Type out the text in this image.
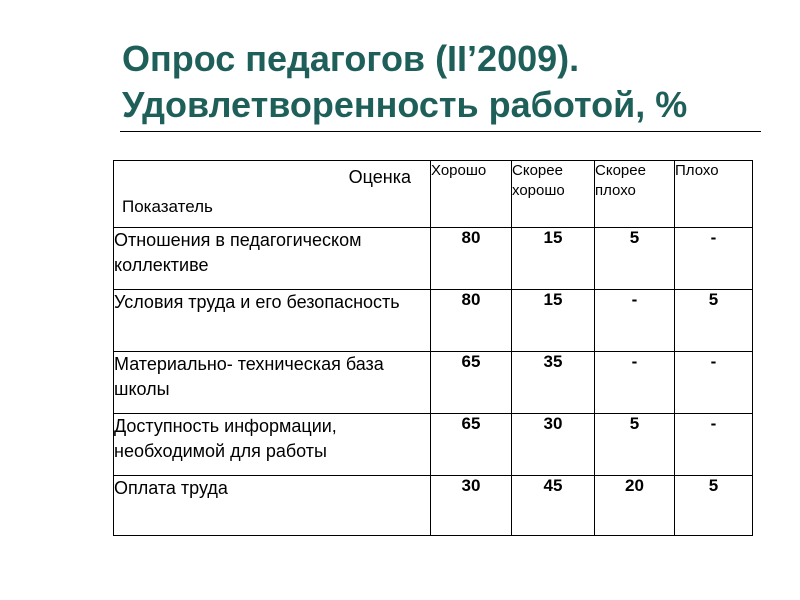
Опрос педагогов (II’2009).
Удовлетворенность работой, %
Оценка
Показатель	Хорошо	Скорее хорошо	Скорее плохо	Плохо
Отношения в педагогическом коллективе	80	15	5	-
Условия труда и его безопасность	80	15	-	5
Материально- техническая база школы	65	35	-	-
Доступность информации, необходимой для работы	65	30	5	-
Оплата труда	30	45	20	5
